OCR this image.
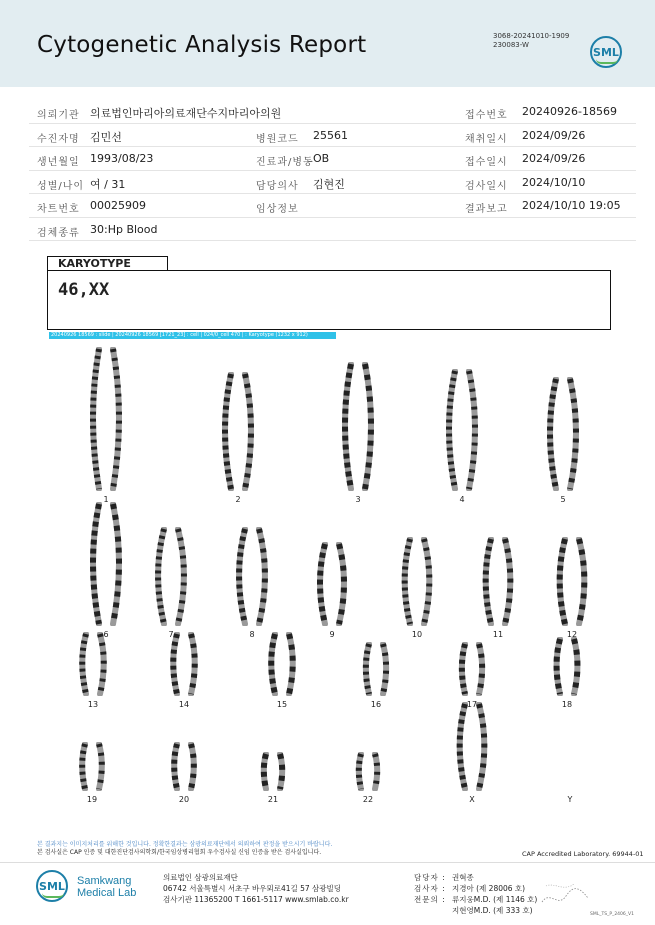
Cytogenetic Analysis Report	3068-20241010-1909
230083-W
SML
의뢰기관 의료법인마리아의료재단수지마리아의원	접수번호 20240926-18569
수진자명 김민선	병원코드 25561	채취일시 2024/09/26
생년월일 1993/08/23	진료과/병동 OB	접수일시 2024/09/26
성별/나이 여 / 31	담당의사 김현진	검사일시 2024/10/10
차트번호 00025909	임상정보	결과보고 2024/10/10 19:05
검체종류 30:Hp Blood
KARYOTYPE
46,XX
20240926 18569 : slide | 20240926 18569 [1721_23] : cell | 024/0_cell 470 | : Karyotype (1232 x 912)
1	2	3	4	5
6	7	8	9	10	11	12
13	14	15	16	17	18
19	20	21	22	X	Y
본 결과지는 이미지처리를 위해한 것입니다. 정확한결과는 삼광의료재단에서 의뢰하여 판정을 받으시기 바랍니다.
본 검사실은 CAP 인증 및 대한진단검사의학회/한국임상병리협회 우수검사실 신임 인증을 받은 검사실입니다.	CAP Accredited Laboratory. 69944-01
SML Samkwang
Medical Lab
의료법인 삼광의료재단
06742 서울특별시 서초구 바우뫼로41길 57 삼광빌딩
검사기관 11365200 T 1661-5117 www.smlab.co.kr
담당자 : 권혁종
검사자 : 지경아 (제 28006 호)
전문의 : 류지웅M.D. (제 1146 호)
지현영M.D. (제 333 호)	SML_TS_P_2406_V1
